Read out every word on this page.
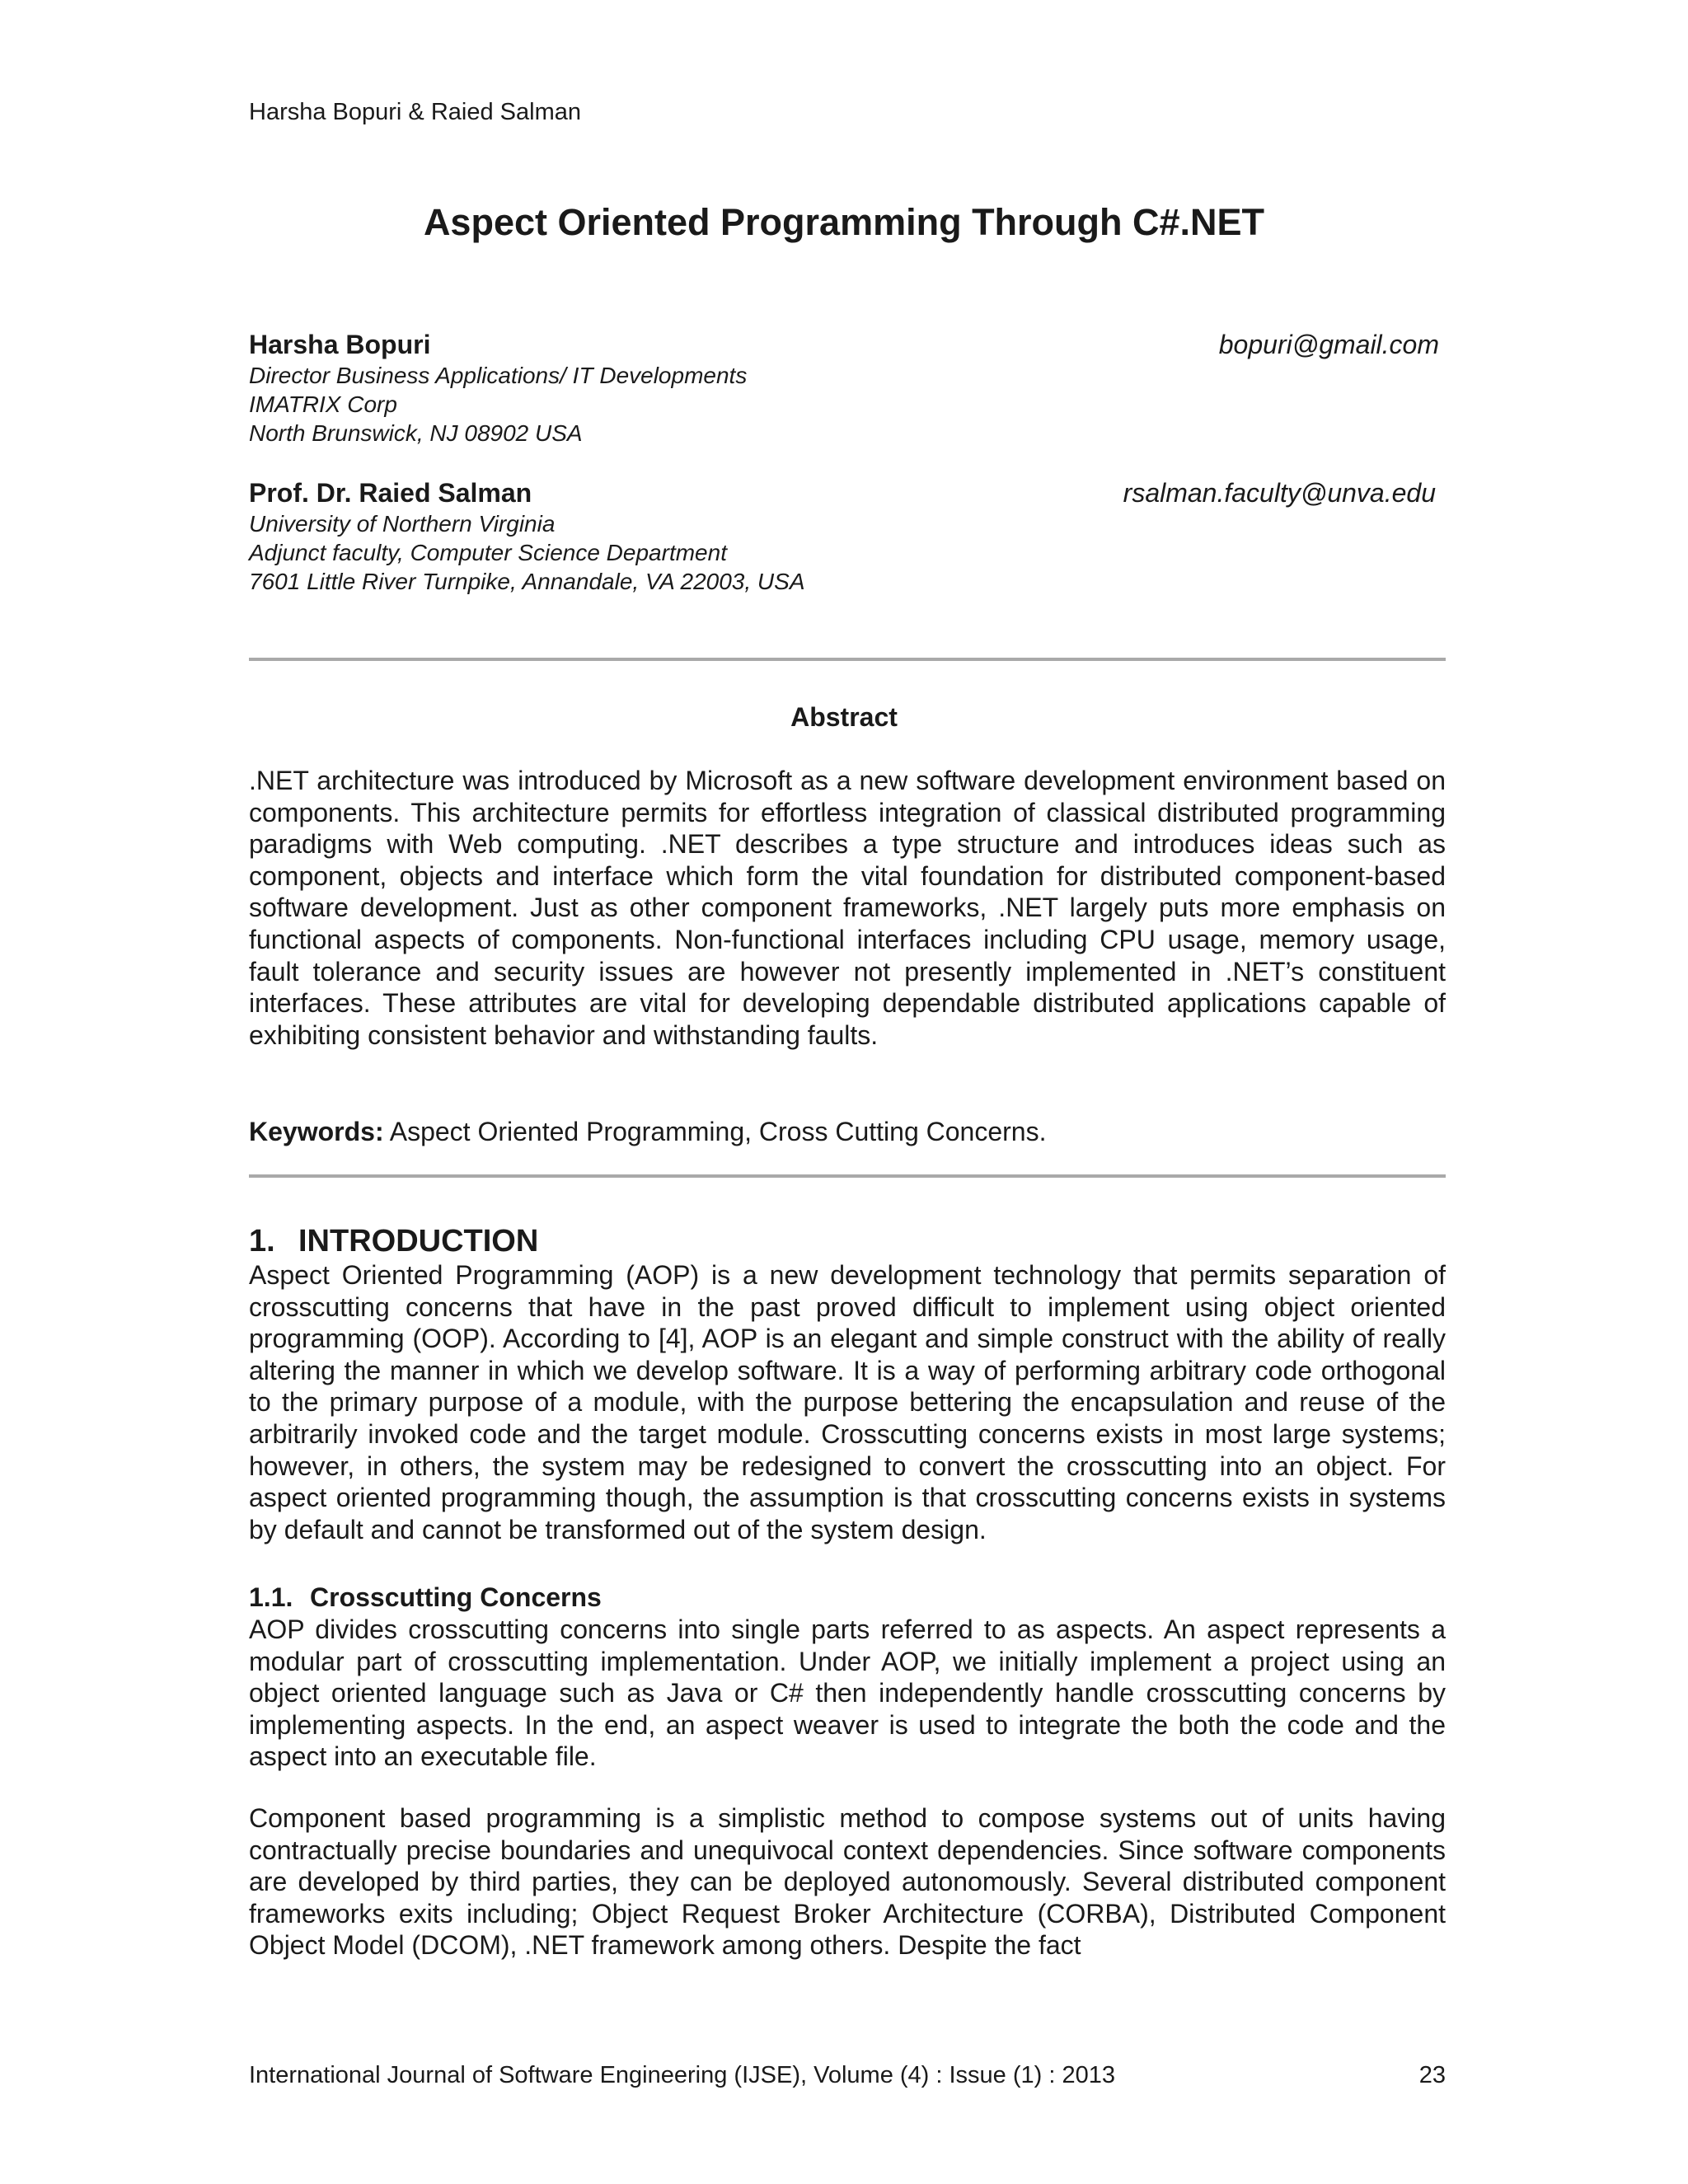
Harsha Bopuri & Raied Salman
Aspect Oriented Programming Through C#.NET
Harsha Bopuri
Director Business Applications/ IT Developments
IMATRIX Corp
North Brunswick, NJ 08902 USA
bopuri@gmail.com
Prof. Dr. Raied Salman
University of Northern Virginia
Adjunct faculty, Computer Science Department
7601 Little River Turnpike, Annandale, VA 22003, USA
rsalman.faculty@unva.edu
Abstract

.NET architecture was introduced by Microsoft as a new software development environment based on components. This architecture permits for effortless integration of classical distributed programming paradigms with Web computing. .NET describes a type structure and introduces ideas such as component, objects and interface which form the vital foundation for distributed component-based software development. Just as other component frameworks, .NET largely puts more emphasis on functional aspects of components. Non-functional interfaces including CPU usage, memory usage, fault tolerance and security issues are however not presently implemented in .NET’s constituent interfaces. These attributes are vital for developing dependable distributed applications capable of exhibiting consistent behavior and withstanding faults.

Keywords: Aspect Oriented Programming, Cross Cutting Concerns.
1. INTRODUCTION

Aspect Oriented Programming (AOP) is a new development technology that permits separation of crosscutting concerns that have in the past proved difficult to implement using object oriented programming (OOP). According to [4], AOP is an elegant and simple construct with the ability of really altering the manner in which we develop software. It is a way of performing arbitrary code orthogonal to the primary purpose of a module, with the purpose bettering the encapsulation and reuse of the arbitrarily invoked code and the target module. Crosscutting concerns exists in most large systems; however, in others, the system may be redesigned to convert the crosscutting into an object. For aspect oriented programming though, the assumption is that crosscutting concerns exists in systems by default and cannot be transformed out of the system design.

1.1. Crosscutting Concerns

AOP divides crosscutting concerns into single parts referred to as aspects. An aspect represents a modular part of crosscutting implementation. Under AOP, we initially implement a project using an object oriented language such as Java or C# then independently handle crosscutting concerns by implementing aspects. In the end, an aspect weaver is used to integrate the both the code and the aspect into an executable file.

Component based programming is a simplistic method to compose systems out of units having contractually precise boundaries and unequivocal context dependencies. Since software components are developed by third parties, they can be deployed autonomously. Several distributed component frameworks exits including; Object Request Broker Architecture (CORBA), Distributed Component Object Model (DCOM), .NET framework among others. Despite the fact

International Journal of Software Engineering (IJSE), Volume (4) : Issue (1) : 2013	23
